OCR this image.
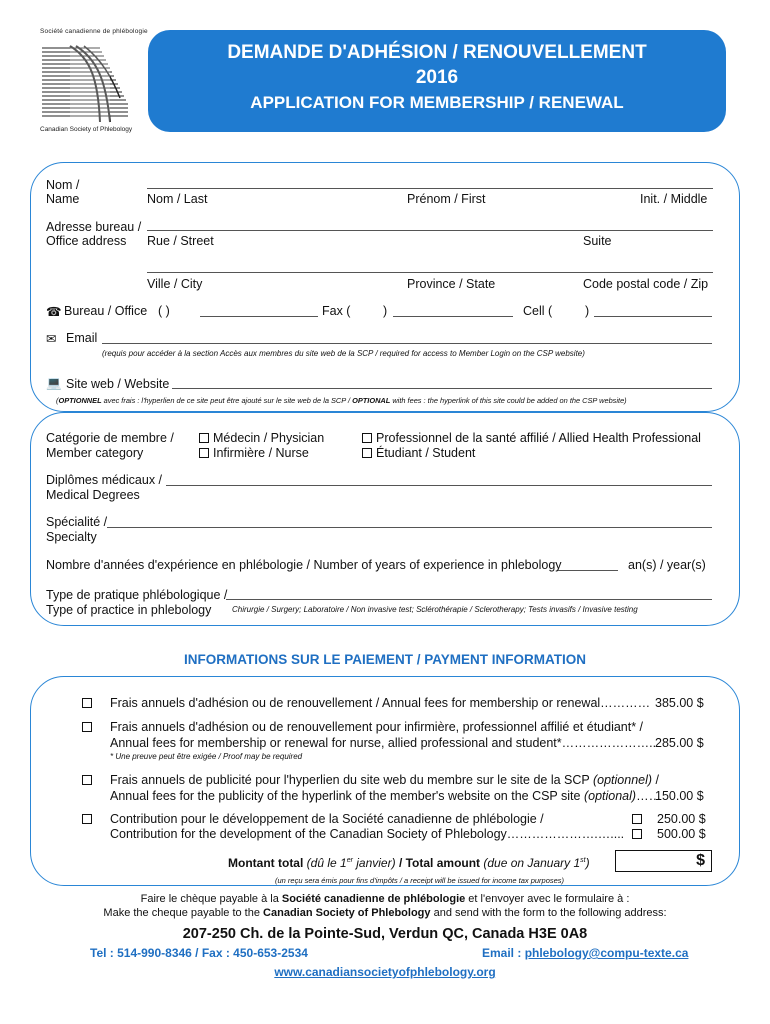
Société canadienne de phlébologie
Canadian Society of Phlebology
DEMANDE D'ADHÉSION / RENOUVELLEMENT
2016
APPLICATION FOR MEMBERSHIP / RENEWAL
Nom /
Name	Nom / Last	Prénom / First	Init. / Middle
Adresse bureau /
Office address Rue / Street	Suite
Ville / City	Province / State	Code postal code / Zip
☎ Bureau / Office ( )	Fax (	)	Cell (	)
✉ Email
(requis pour accéder à la section Accès aux membres du site web de la SCP / required for access to Member Login on the CSP website)
💻 Site web / Website
(OPTIONNEL avec frais : l'hyperlien de ce site peut être ajouté sur le site web de la SCP / OPTIONAL with fees : the hyperlink of this site could be added on the CSP website)
Catégorie de membre /
Member category
Médecin / Physician
Infirmière / Nurse
Professionnel de la santé affilié / Allied Health Professional
Étudiant / Student
Diplômes médicaux /
Medical Degrees
Spécialité /
Specialty
Nombre d'années d'expérience en phlébologie / Number of years of experience in phlebology	an(s) / year(s)
Type de pratique phlébologique /
Type of practice in phlebology	Chirurgie / Surgery; Laboratoire / Non invasive test; Sclérothérapie / Sclerotherapy; Tests invasifs / Invasive testing
INFORMATIONS SUR LE PAIEMENT / PAYMENT INFORMATION
Frais annuels d'adhésion ou de renouvellement / Annual fees for membership or renewal………… 385.00 $
Frais annuels d'adhésion ou de renouvellement pour infirmière, professionnel affilié et étudiant* /
Annual fees for membership or renewal for nurse, allied professional and student*…………………..
285.00 $
* Une preuve peut être exigée / Proof may be required
Frais annuels de publicité pour l'hyperlien du site web du membre sur le site de la SCP (optionnel) /
Annual fees for the publicity of the hyperlink of the member's website on the CSP site (optional)……
150.00 $
Contribution pour le développement de la Société canadienne de phlébologie /
Contribution for the development of the Canadian Society of Phlebology………………….…....
250.00 $
500.00 $
Montant total (dû le 1er janvier) / Total amount (due on January 1st)	$
(un reçu sera émis pour fins d'impôts / a receipt will be issued for income tax purposes)
Faire le chèque payable à la Société canadienne de phlébologie et l'envoyer avec le formulaire à :
Make the cheque payable to the Canadian Society of Phlebology and send with the form to the following address:
207-250 Ch. de la Pointe-Sud, Verdun QC, Canada H3E 0A8
Tel : 514-990-8346 / Fax : 450-653-2534	Email : phlebology@compu-texte.ca
www.canadiansocietyofphlebology.org
